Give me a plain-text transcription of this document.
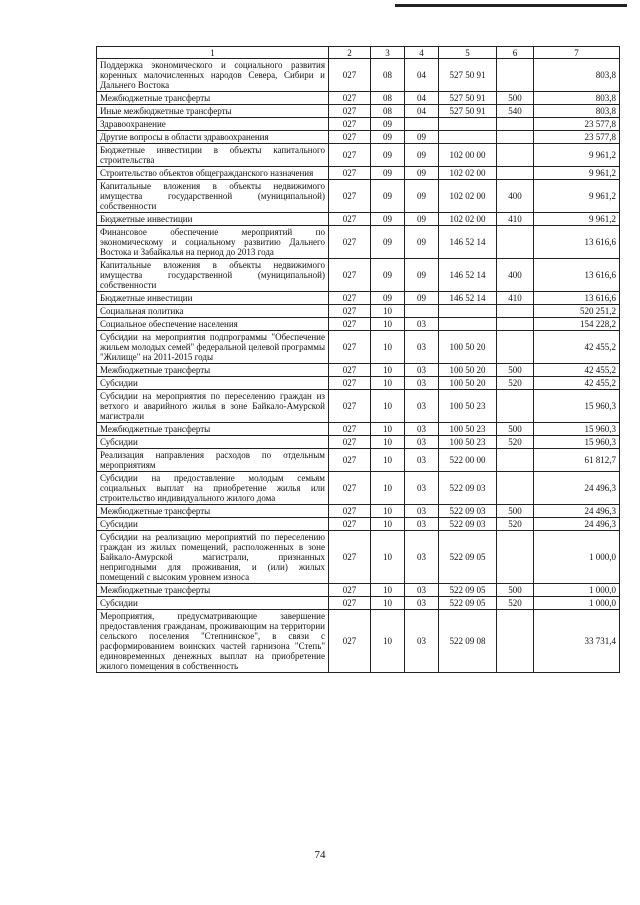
1	2	3	4	5	6	7
Поддержка экономического и социального развития коренных малочисленных народов Севера, Сибири и Дальнего Востока	027	08	04	527 50 91		803,8
Межбюджетные трансферты	027	08	04	527 50 91	500	803,8
Иные межбюджетные трансферты	027	08	04	527 50 91	540	803,8
Здравоохранение	027	09				23 577,8
Другие вопросы в области здравоохранения	027	09	09			23 577,8
Бюджетные инвестиции в объекты капитального строительства	027	09	09	102 00 00		9 961,2
Строительство объектов общегражданского назначения	027	09	09	102 02 00		9 961,2
Капитальные вложения в объекты недвижимого имущества государственной (муниципальной) собственности	027	09	09	102 02 00	400	9 961,2
Бюджетные инвестиции	027	09	09	102 02 00	410	9 961,2
Финансовое обеспечение мероприятий по экономическому и социальному развитию Дальнего Востока и Забайкалья на период до 2013 года	027	09	09	146 52 14		13 616,6
Капитальные вложения в объекты недвижимого имущества государственной (муниципальной) собственности	027	09	09	146 52 14	400	13 616,6
Бюджетные инвестиции	027	09	09	146 52 14	410	13 616,6
Социальная политика	027	10				520 251,2
Социальное обеспечение населения	027	10	03			154 228,2
Субсидии на мероприятия подпрограммы "Обеспечение жильем молодых семей" федеральной целевой программы "Жилище" на 2011-2015 годы	027	10	03	100 50 20		42 455,2
Межбюджетные трансферты	027	10	03	100 50 20	500	42 455,2
Субсидии	027	10	03	100 50 20	520	42 455,2
Субсидии на мероприятия по переселению граждан из ветхого и аварийного жилья в зоне Байкало-Амурской магистрали	027	10	03	100 50 23		15 960,3
Межбюджетные трансферты	027	10	03	100 50 23	500	15 960,3
Субсидии	027	10	03	100 50 23	520	15 960,3
Реализация направления расходов по отдельным мероприятиям	027	10	03	522 00 00		61 812,7
Субсидии на предоставление молодым семьям социальных выплат на приобретение жилья или строительство индивидуального жилого дома	027	10	03	522 09 03		24 496,3
Межбюджетные трансферты	027	10	03	522 09 03	500	24 496,3
Субсидии	027	10	03	522 09 03	520	24 496,3
Субсидии на реализацию мероприятий по переселению граждан из жилых помещений, расположенных в зоне Байкало-Амурской магистрали, признанных непригодными для проживания, и (или) жилых помещений с высоким уровнем износа	027	10	03	522 09 05		1 000,0
Межбюджетные трансферты	027	10	03	522 09 05	500	1 000,0
Субсидии	027	10	03	522 09 05	520	1 000,0
Мероприятия, предусматривающие завершение предоставления гражданам, проживающим на территории сельского поселения "Степнинское", в связи с расформированием воинских частей гарнизона "Степь" единовременных денежных выплат на приобретение жилого помещения в собственность	027	10	03	522 09 08		33 731,4
74
